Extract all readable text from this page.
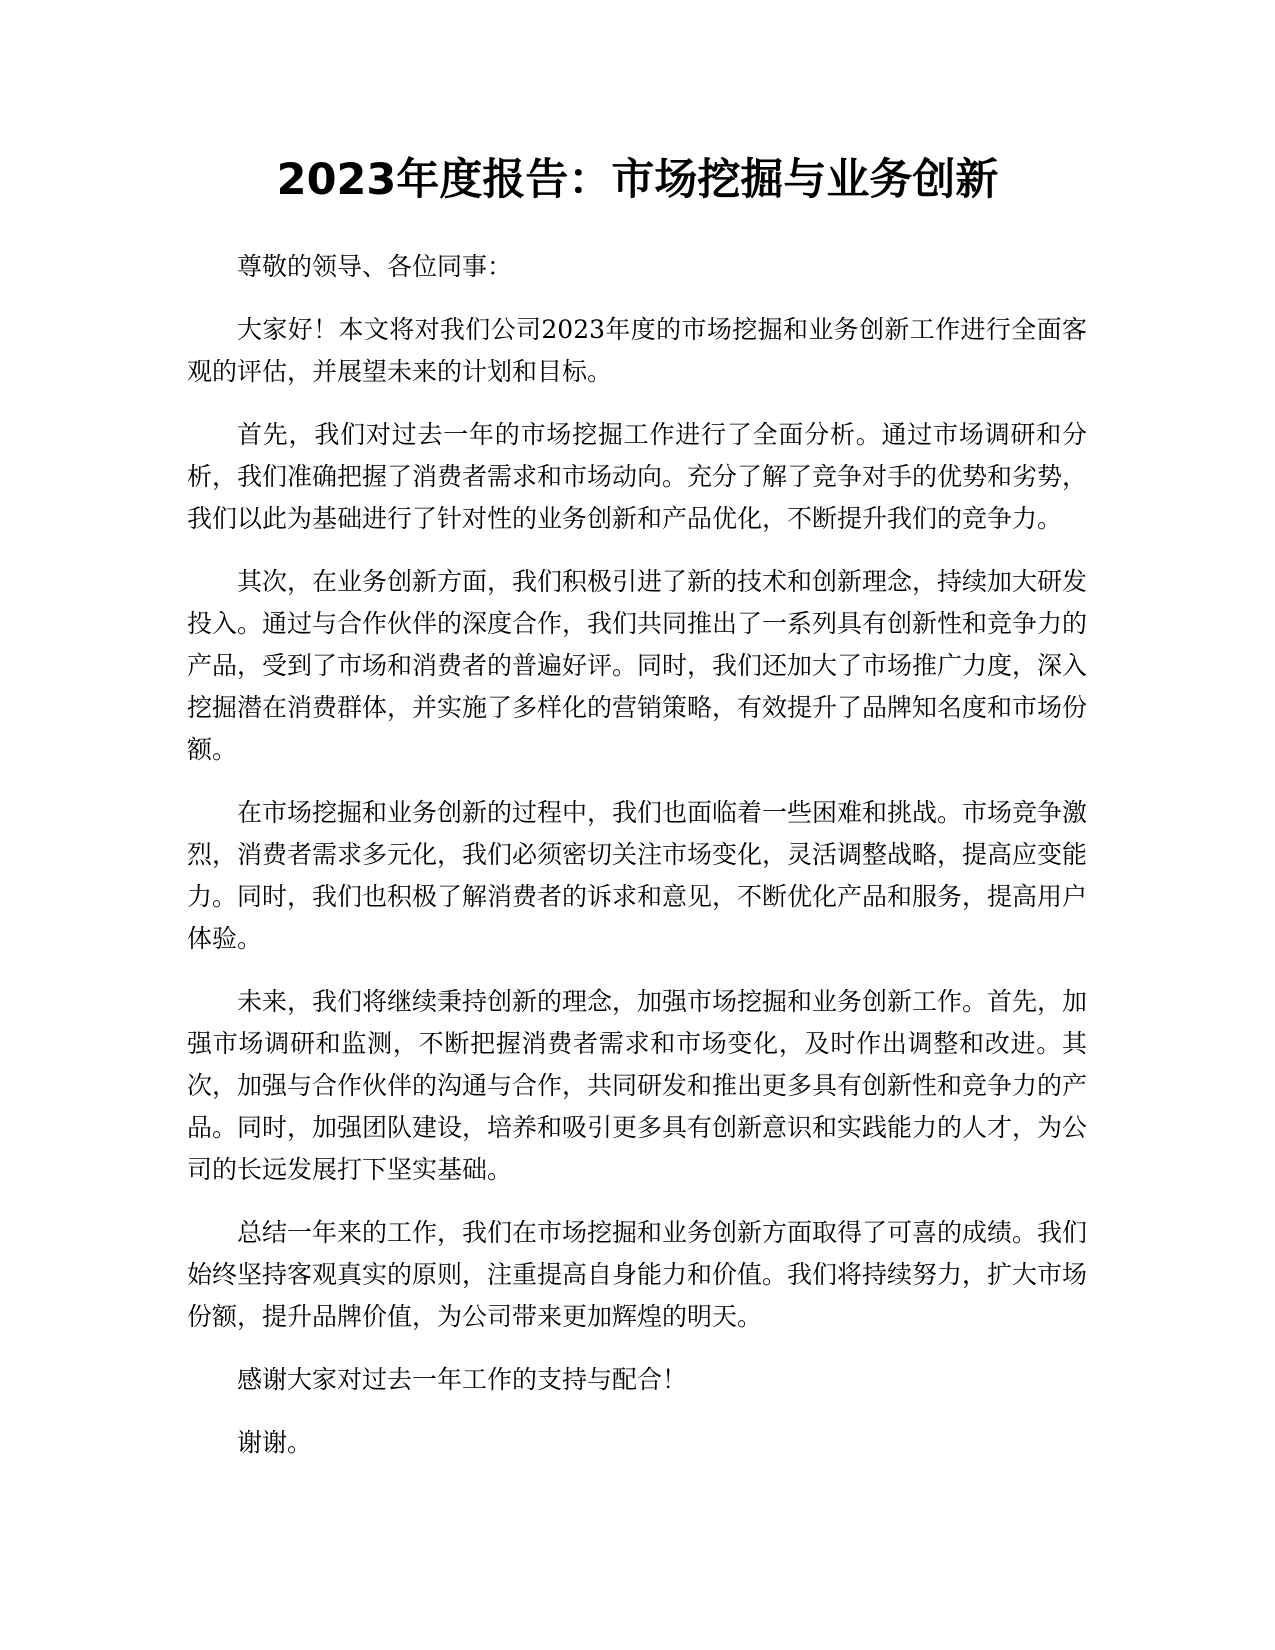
2023年度报告：市场挖掘与业务创新

尊敬的领导、各位同事：

大家好！本文将对我们公司2023年度的市场挖掘和业务创新工作进行全面客观的评估，并展望未来的计划和目标。

首先，我们对过去一年的市场挖掘工作进行了全面分析。通过市场调研和分析，我们准确把握了消费者需求和市场动向。充分了解了竞争对手的优势和劣势，我们以此为基础进行了针对性的业务创新和产品优化，不断提升我们的竞争力。

其次，在业务创新方面，我们积极引进了新的技术和创新理念，持续加大研发投入。通过与合作伙伴的深度合作，我们共同推出了一系列具有创新性和竞争力的产品，受到了市场和消费者的普遍好评。同时，我们还加大了市场推广力度，深入挖掘潜在消费群体，并实施了多样化的营销策略，有效提升了品牌知名度和市场份额。

在市场挖掘和业务创新的过程中，我们也面临着一些困难和挑战。市场竞争激烈，消费者需求多元化，我们必须密切关注市场变化，灵活调整战略，提高应变能力。同时，我们也积极了解消费者的诉求和意见，不断优化产品和服务，提高用户体验。

未来，我们将继续秉持创新的理念，加强市场挖掘和业务创新工作。首先，加强市场调研和监测，不断把握消费者需求和市场变化，及时作出调整和改进。其次，加强与合作伙伴的沟通与合作，共同研发和推出更多具有创新性和竞争力的产品。同时，加强团队建设，培养和吸引更多具有创新意识和实践能力的人才，为公司的长远发展打下坚实基础。

总结一年来的工作，我们在市场挖掘和业务创新方面取得了可喜的成绩。我们始终坚持客观真实的原则，注重提高自身能力和价值。我们将持续努力，扩大市场份额，提升品牌价值，为公司带来更加辉煌的明天。

感谢大家对过去一年工作的支持与配合！

谢谢。
